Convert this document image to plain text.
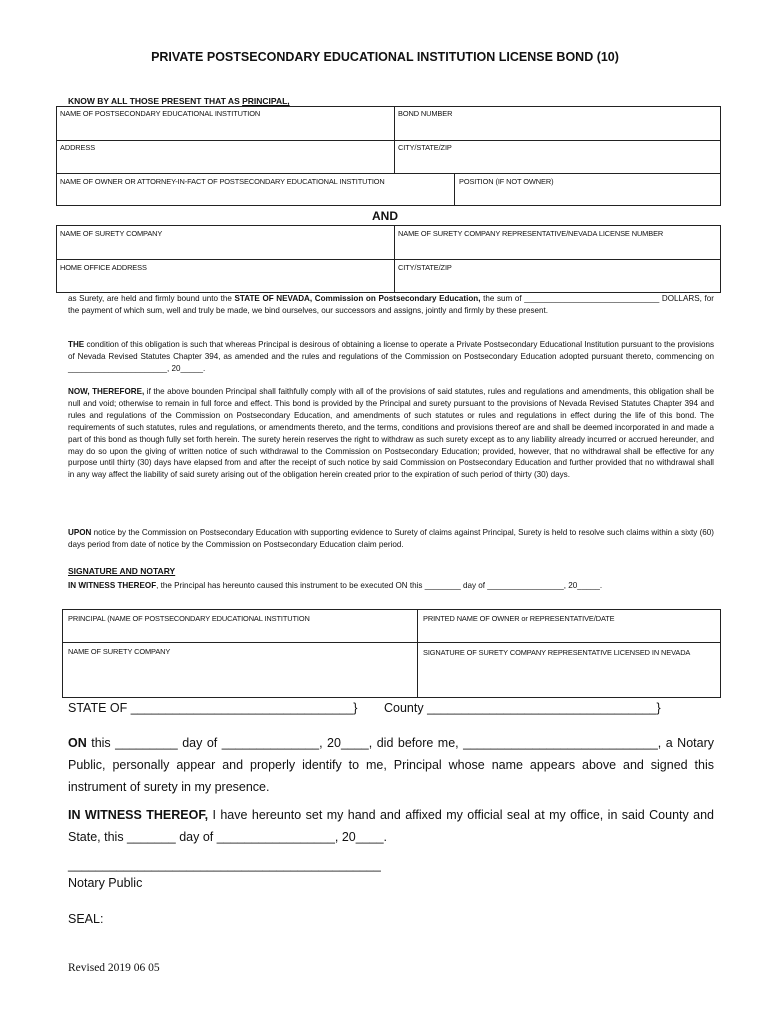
PRIVATE POSTSECONDARY EDUCATIONAL INSTITUTION LICENSE BOND (10)
KNOW BY ALL THOSE PRESENT THAT AS PRINCIPAL,
NAME OF POSTSECONDARY EDUCATIONAL INSTITUTION	BOND NUMBER
ADDRESS	CITY/STATE/ZIP
NAME OF OWNER OR ATTORNEY-IN-FACT OF POSTSECONDARY EDUCATIONAL INSTITUTION	POSITION (IF NOT OWNER)
AND
NAME OF SURETY COMPANY	NAME OF SURETY COMPANY REPRESENTATIVE/NEVADA LICENSE NUMBER
HOME OFFICE ADDRESS	CITY/STATE/ZIP
as Surety, are held and firmly bound unto the STATE OF NEVADA, Commission on Postsecondary Education, the sum of ______________________________ DOLLARS, for the payment of which sum, well and truly be made, we bind ourselves, our successors and assigns, jointly and firmly by these present.
THE condition of this obligation is such that whereas Principal is desirous of obtaining a license to operate a Private Postsecondary Educational Institution pursuant to the provisions of Nevada Revised Statutes Chapter 394, as amended and the rules and regulations of the Commission on Postsecondary Education adopted pursuant thereto, commencing on ______________________, 20_____.
NOW, THEREFORE, if the above bounden Principal shall faithfully comply with all of the provisions of said statutes, rules and regulations and amendments, this obligation shall be null and void; otherwise to remain in full force and effect. This bond is provided by the Principal and surety pursuant to the provisions of Nevada Revised Statutes Chapter 394 and rules and regulations of the Commission on Postsecondary Education, and amendments of such statutes or rules and regulations in effect during the life of this bond. The requirements of such statutes, rules and regulations, or amendments thereto, and the terms, conditions and provisions thereof are and shall be deemed incorporated in and made a part of this bond as though fully set forth herein. The surety herein reserves the right to withdraw as such surety except as to any liability already incurred or accrued hereunder, and may do so upon the giving of written notice of such withdrawal to the Commission on Postsecondary Education; provided, however, that no withdrawal shall be effective for any purpose until thirty (30) days have elapsed from and after the receipt of such notice by said Commission on Postsecondary Education and further provided that no withdrawal shall in any way affect the liability of said surety arising out of the obligation herein created prior to the expiration of such period of thirty (30) days.
UPON notice by the Commission on Postsecondary Education with supporting evidence to Surety of claims against Principal, Surety is held to resolve such claims within a sixty (60) days period from date of notice by the Commission on Postsecondary Education claim period.
SIGNATURE AND NOTARY
IN WITNESS THEREOF, the Principal has hereunto caused this instrument to be executed ON this ________ day of _________________, 20_____.
PRINCIPAL (NAME OF POSTSECONDARY EDUCATIONAL INSTITUTION	PRINTED NAME OF OWNER or REPRESENTATIVE/DATE
NAME OF SURETY COMPANY	SIGNATURE OF SURETY COMPANY REPRESENTATIVE LICENSED IN NEVADA
STATE OF ________________________________} County _________________________________}
ON this _________ day of ______________, 20____, did before me, ____________________________, a Notary Public, personally appear and properly identify to me, Principal whose name appears above and signed this instrument of surety in my presence.
IN WITNESS THEREOF, I have hereunto set my hand and affixed my official seal at my office, in said County and State, this _______ day of _________________, 20____.
_____________________________________________
Notary Public
SEAL:
Revised 2019 06 05
